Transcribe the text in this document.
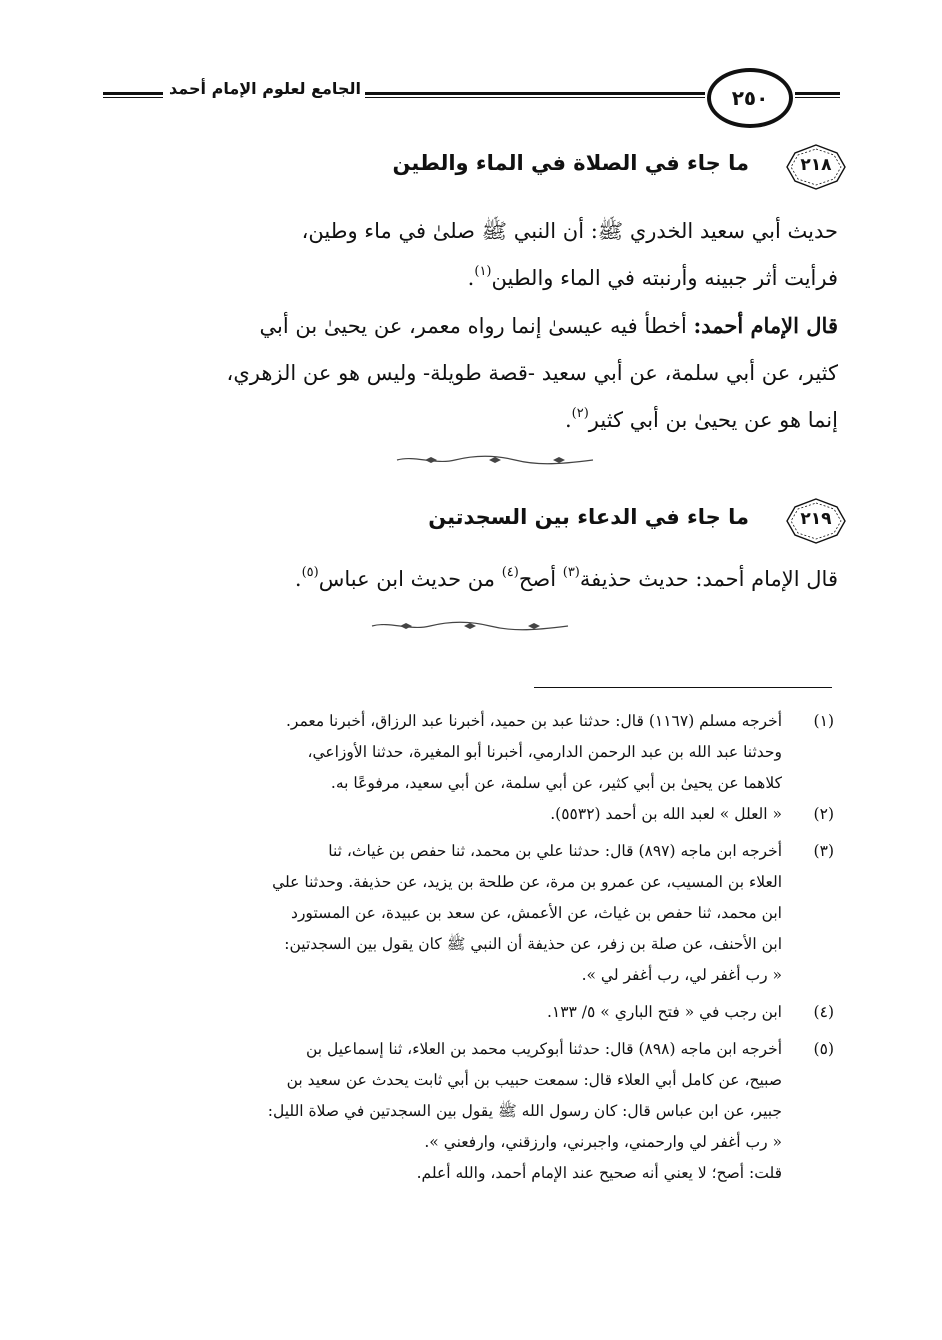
الجامع لعلوم الإمام أحمد	٢٥٠
٢١٨
ما جاء في الصلاة في الماء والطين
حديث أبي سعيد الخدري ﷺ: أن النبي ﷺ صلىٰ في ماء وطين،
فرأيت أثر جبينه وأرنبته في الماء والطين$^{(١)}$.
قال الإمام أحمد: أخطأ فيه عيسىٰ إنما رواه معمر، عن يحيىٰ بن أبي
كثير، عن أبي سلمة، عن أبي سعيد -قصة طويلة- وليس هو عن الزهري،
إنما هو عن يحيىٰ بن أبي كثير$^{(٢)}$.
٢١٩
ما جاء في الدعاء بين السجدتين
قال الإمام أحمد: حديث حذيفة$^{(٣)}$ أصح$^{(٤)}$ من حديث ابن عباس$^{(٥)}$.
(١)
أخرجه مسلم (١١٦٧) قال: حدثنا عبد بن حميد، أخبرنا عبد الرزاق، أخبرنا معمر.
وحدثنا عبد الله بن عبد الرحمن الدارمي، أخبرنا أبو المغيرة، حدثنا الأوزاعي،
كلاهما عن يحيىٰ بن أبي كثير، عن أبي سلمة، عن أبي سعيد، مرفوعًا به.
(٢)
« العلل » لعبد الله بن أحمد (٥٥٣٢).
(٣)
أخرجه ابن ماجه (٨٩٧) قال: حدثنا علي بن محمد، ثنا حفص بن غياث، ثنا
العلاء بن المسيب، عن عمرو بن مرة، عن طلحة بن يزيد، عن حذيفة. وحدثنا علي
ابن محمد، ثنا حفص بن غياث، عن الأعمش، عن سعد بن عبيدة، عن المستورد
ابن الأحنف، عن صلة بن زفر، عن حذيفة أن النبي ﷺ كان يقول بين السجدتين:
« رب أغفر لي، رب أغفر لي ».
(٤)
ابن رجب في « فتح الباري » ٥/ ١٣٣.
(٥)
أخرجه ابن ماجه (٨٩٨) قال: حدثنا أبوكريب محمد بن العلاء، ثنا إسماعيل بن
صبيح، عن كامل أبي العلاء قال: سمعت حبيب بن أبي ثابت يحدث عن سعيد بن
جبير، عن ابن عباس قال: كان رسول الله ﷺ يقول بين السجدتين في صلاة الليل:
« رب أغفر لي وارحمني، واجبرني، وارزقني، وارفعني ».
قلت: أصح؛ لا يعني أنه صحيح عند الإمام أحمد، والله أعلم.
